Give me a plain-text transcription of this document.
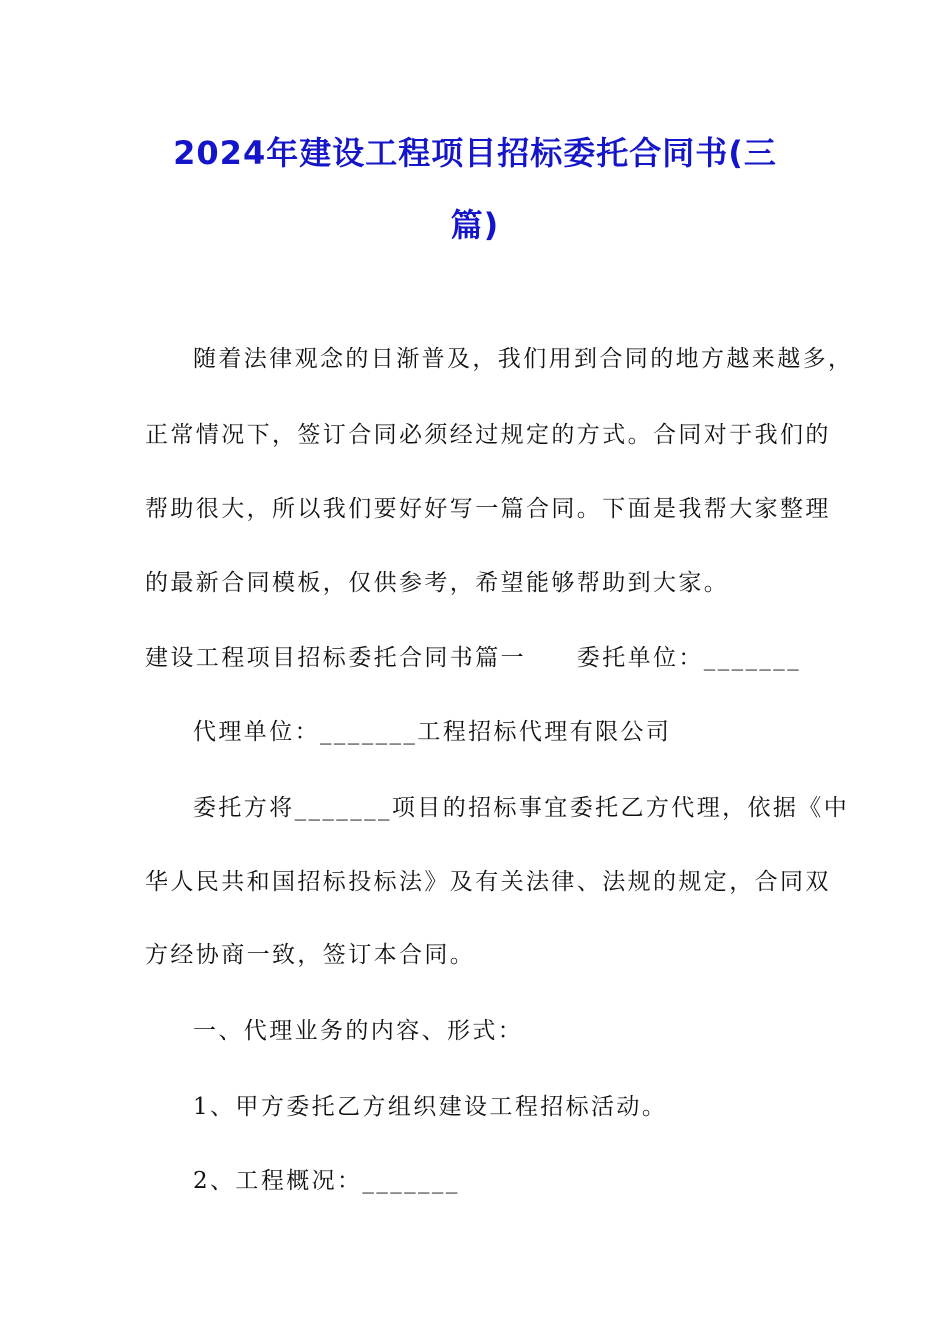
2024年建设工程项目招标委托合同书(三
篇)
随着法律观念的日渐普及，我们用到合同的地方越来越多，
正常情况下，签订合同必须经过规定的方式。合同对于我们的
帮助很大，所以我们要好好写一篇合同。下面是我帮大家整理
的最新合同模板，仅供参考，希望能够帮助到大家。
建设工程项目招标委托合同书篇一　　委托单位：_______
代理单位：_______工程招标代理有限公司
委托方将_______项目的招标事宜委托乙方代理，依据《中
华人民共和国招标投标法》及有关法律、法规的规定，合同双
方经协商一致，签订本合同。
一、代理业务的内容、形式：
1、甲方委托乙方组织建设工程招标活动。
2、工程概况：_______
